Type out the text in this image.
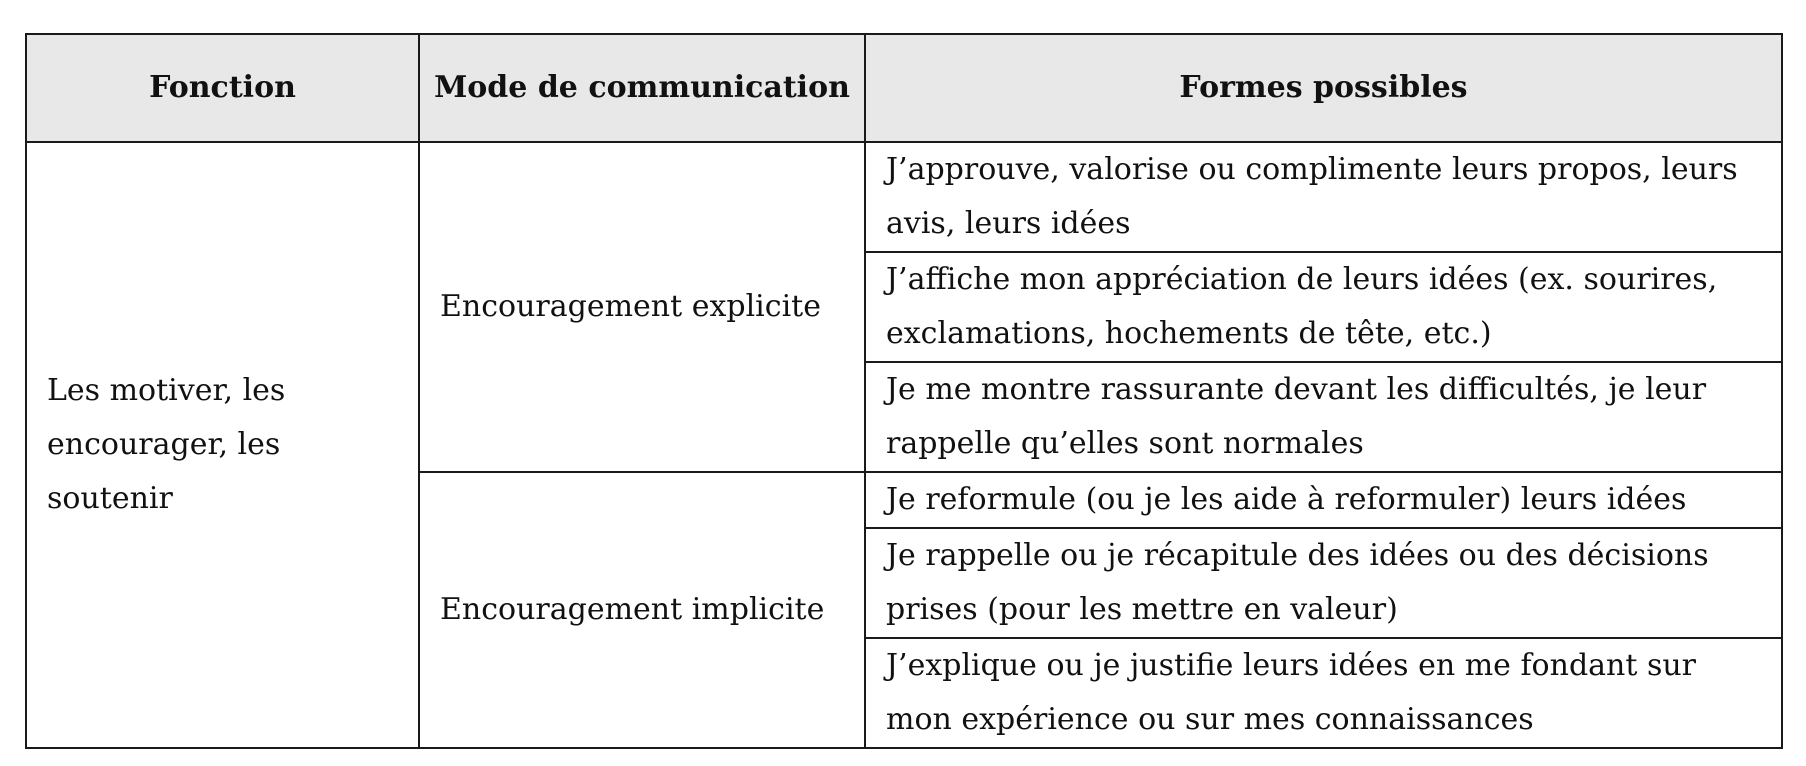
Fonction	Mode de communication	Formes possibles
Les motiver, les encourager, les soutenir	Encouragement explicite	J’approuve, valorise ou complimente leurs propos, leurs avis, leurs idées
		J’affiche mon appréciation de leurs idées (ex. sourires, exclamations, hochements de tête, etc.)
		Je me montre rassurante devant les difficultés, je leur rappelle qu’elles sont normales
	Encouragement implicite	Je reformule (ou je les aide à reformuler) leurs idées
		Je rappelle ou je récapitule des idées ou des décisions prises (pour les mettre en valeur)
		J’explique ou je justifie leurs idées en me fondant sur mon expérience ou sur mes connaissances
